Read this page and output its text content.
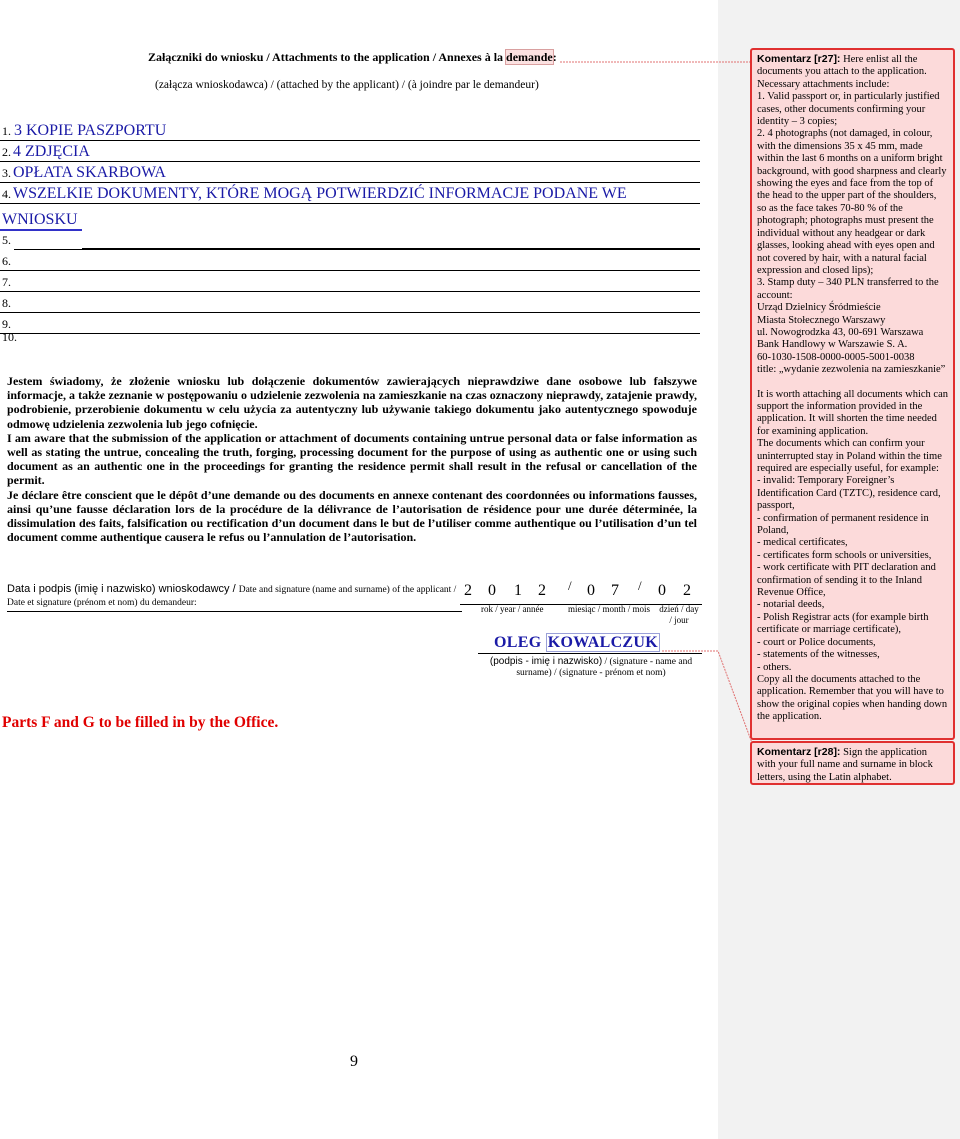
Załączniki do wniosku / Attachments to the application / Annexes à la demande:
(załącza wnioskodawca) / (attached by the applicant) / (à joindre par le demandeur)
1. 3 KOPIE PASZPORTU
2. 4 ZDJĘCIA
3. OPŁATA SKARBOWA
4. WSZELKIE DOKUMENTY, KTÓRE MOGĄ POTWIERDZIĆ INFORMACJE PODANE WE
WNIOSKU
5.
6.
7.
8.
9.
10.

Jestem świadomy, że złożenie wniosku lub dołączenie dokumentów zawierających nieprawdziwe dane osobowe lub fałszywe informacje, a także zeznanie w postępowaniu o udzielenie zezwolenia na zamieszkanie na czas oznaczony nieprawdy, zatajenie prawdy, podrobienie, przerobienie dokumentu w celu użycia za autentyczny lub używanie takiego dokumentu jako autentycznego spowoduje odmowę udzielenia zezwolenia lub jego cofnięcie.

I am aware that the submission of the application or attachment of documents containing untrue personal data or false information as well as stating the untrue, concealing the truth, forging, processing document for the purpose of using as authentic one or using such document as an authentic one in the proceedings for granting the residence permit shall result in the refusal or cancellation of the permit.

Je déclare être conscient que le dépôt d’une demande ou des documents en annexe contenant des coordonnées ou informations fausses, ainsi qu’une fausse déclaration lors de la procédure de la délivrance de l’autorisation de résidence pour une durée déterminée, la dissimulation des faits, falsification ou rectification d’un document dans le but de l’utiliser comme authentique ou l’utilisation d’un tel document comme authentique causera le refus ou l’annulation de l’autorisation.

Data i podpis (imię i nazwisko) wnioskodawcy / Date and signature (name and surname) of the applicant / Date et signature (prénom et nom) du demandeur:
2 0 1 2 / 0 7 / 0 2
rok / year / année	miesiąc / month / mois dzień / day / jour
OLEG KOWALCZUK
(podpis - imię i nazwisko) / (signature - name and surname) / (signature - prénom et nom)
Parts F and G to be filled in by the Office.
9
Komentarz [r27]: Here enlist all the documents you attach to the application.
Necessary attachments include:
1. Valid passport or, in particularly justified cases, other documents confirming your identity – 3 copies;
2. 4 photographs (not damaged, in colour, with the dimensions 35 x 45 mm, made within the last 6 months on a uniform bright background, with good sharpness and clearly showing the eyes and face from the top of the head to the upper part of the shoulders, so as the face takes 70-80 % of the photograph; photographs must present the individual without any headgear or dark glasses, looking ahead with eyes open and not covered by hair, with a natural facial expression and closed lips);
3. Stamp duty – 340 PLN transferred to the account:
Urząd Dzielnicy Śródmieście
Miasta Stołecznego Warszawy
ul. Nowogrodzka 43, 00-691 Warszawa
Bank Handlowy w Warszawie S. A.
60-1030-1508-0000-0005-5001-0038
title: „wydanie zezwolenia na zamieszkanie”
It is worth attaching all documents which can support the information provided in the application. It will shorten the time needed for examining application.
The documents which can confirm your uninterrupted stay in Poland within the time required are especially useful, for example:
- invalid: Temporary Foreigner’s Identification Card (TZTC), residence card, passport,
- confirmation of permanent residence in Poland,
- medical certificates,
- certificates form schools or universities,
- work certificate with PIT declaration and confirmation of sending it to the Inland Revenue Office,
- notarial deeds,
- Polish Registrar acts (for example birth certificate or marriage certificate),
- court or Police documents,
- statements of the witnesses,
- others.
Copy all the documents attached to the application. Remember that you will have to show the original copies when handing down the application.
Komentarz [r28]: Sign the application with your full name and surname in block letters, using the Latin alphabet.
